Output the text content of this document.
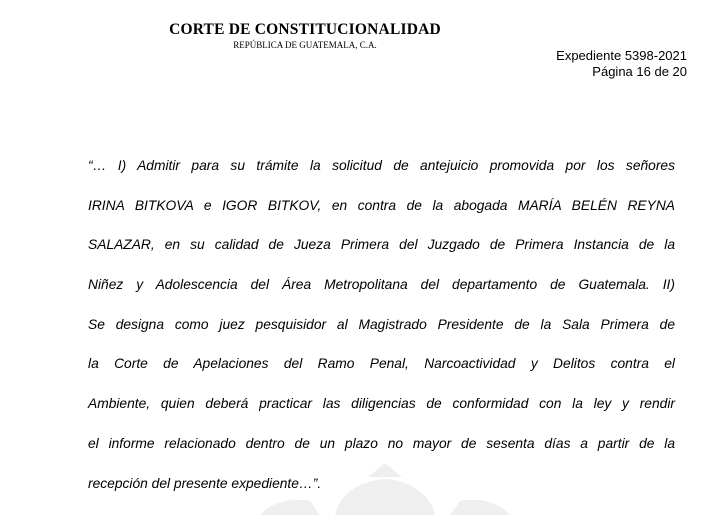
CORTE DE CONSTITUCIONALIDAD
REPÚBLICA DE GUATEMALA, C.A.
Expediente 5398-2021
Página 16 de 20
“… I) Admitir para su trámite la solicitud de antejuicio promovida por los señores
IRINA BITKOVA e IGOR BITKOV, en contra de la abogada MARÍA BELÉN REYNA
SALAZAR, en su calidad de Jueza Primera del Juzgado de Primera Instancia de la
Niñez y Adolescencia del Área Metropolitana del departamento de Guatemala. II)
Se designa como juez pesquisidor al Magistrado Presidente de la Sala Primera de
la Corte de Apelaciones del Ramo Penal, Narcoactividad y Delitos contra el
Ambiente, quien deberá practicar las diligencias de conformidad con la ley y rendir
el informe relacionado dentro de un plazo no mayor de sesenta días a partir de la
recepción del presente expediente…”.
